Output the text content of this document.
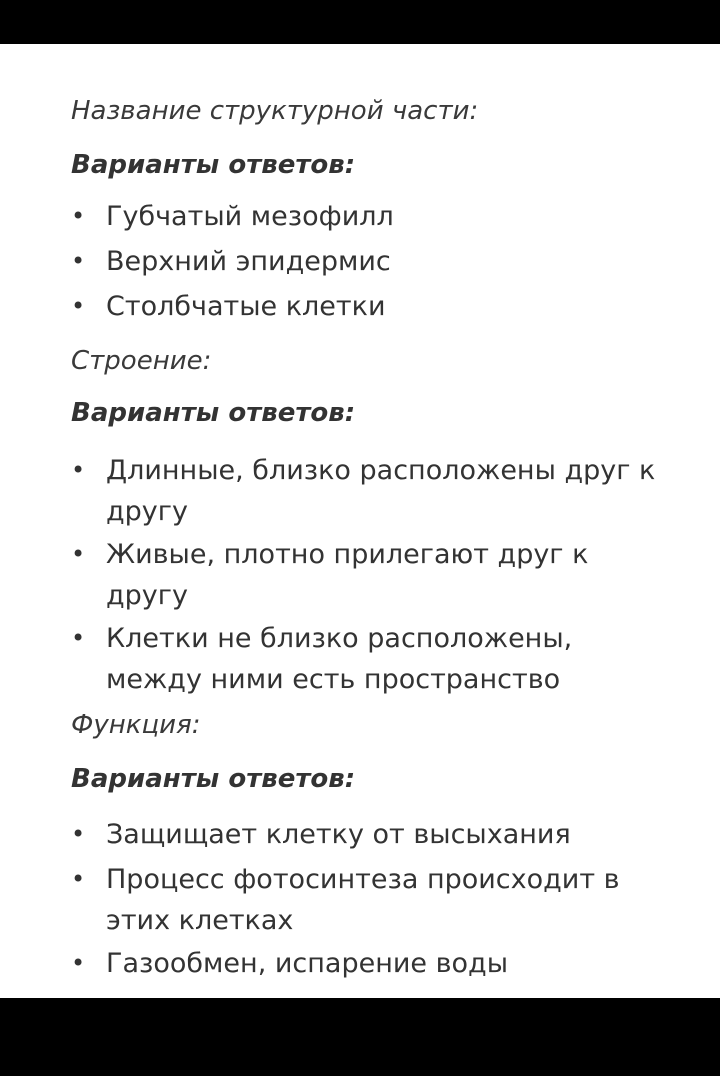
Название структурной части:
Варианты ответов:
• Губчатый мезофилл
• Верхний эпидермис
• Столбчатые клетки
Строение:
Варианты ответов:
• Длинные, близко расположены друг к другу
• Живые, плотно прилегают друг к другу
• Клетки не близко расположены, между ними есть пространство
Функция:
Варианты ответов:
• Защищает клетку от высыхания
• Процесс фотосинтеза происходит в этих клетках
• Газообмен, испарение воды
